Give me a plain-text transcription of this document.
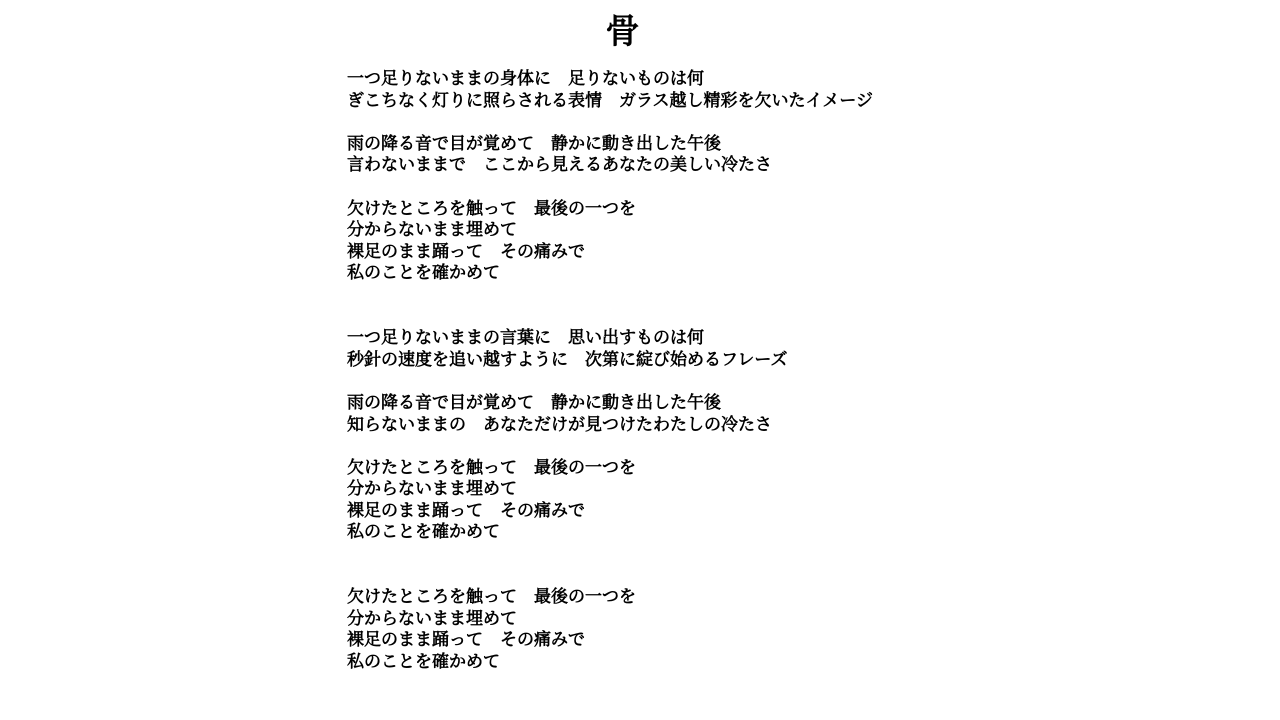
骨
一つ足りないままの身体に　足りないものは何
ぎこちなく灯りに照らされる表情　ガラス越し精彩を欠いたイメージ
雨の降る音で目が覚めて　静かに動き出した午後
言わないままで　ここから見えるあなたの美しい冷たさ
欠けたところを触って　最後の一つを
分からないまま埋めて
裸足のまま踊って　その痛みで
私のことを確かめて
一つ足りないままの言葉に　思い出すものは何
秒針の速度を追い越すように　次第に綻び始めるフレーズ
雨の降る音で目が覚めて　静かに動き出した午後
知らないままの　あなただけが見つけたわたしの冷たさ
欠けたところを触って　最後の一つを
分からないまま埋めて
裸足のまま踊って　その痛みで
私のことを確かめて
欠けたところを触って　最後の一つを
分からないまま埋めて
裸足のまま踊って　その痛みで
私のことを確かめて
